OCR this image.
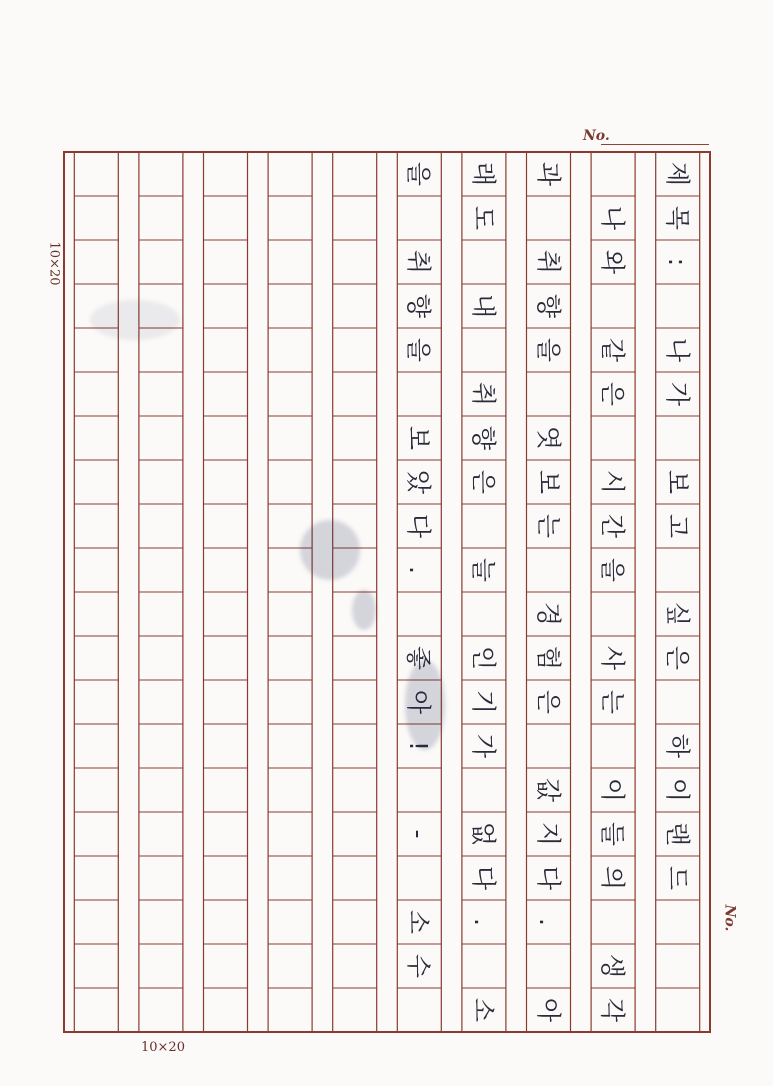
제
목
:
나
가
보
고
싶
은
하
이
랜
드
나
와
같
은
시
간
을
사
는
이
들
의
생
각
과
취
향
을
엿
보
는
경
험
은
값
지
다
.
아
래
도
내
취
향
은
늘
인
기
가
없
다
.
소
을
취
향
을
보
았
다
.
좋
아
!
-
소
수
No.
10×20
10×20
No.
